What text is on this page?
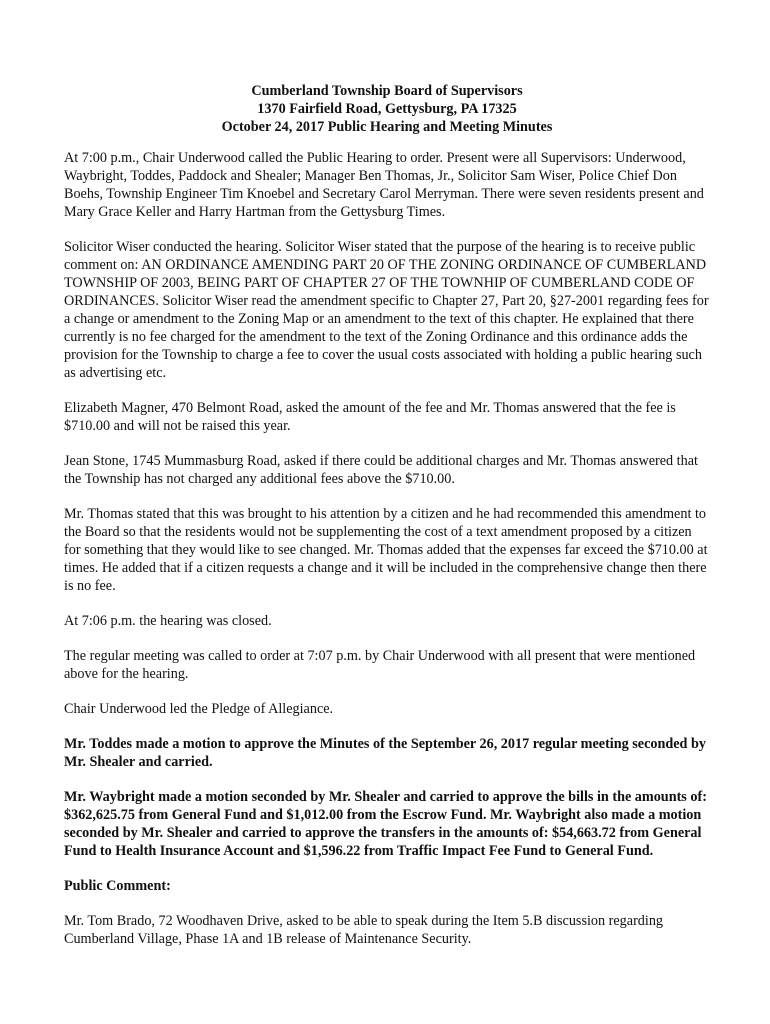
Cumberland Township Board of Supervisors
1370 Fairfield Road, Gettysburg, PA 17325
October 24, 2017 Public Hearing and Meeting Minutes

At 7:00 p.m., Chair Underwood called the Public Hearing to order. Present were all Supervisors: Underwood, Waybright, Toddes, Paddock and Shealer; Manager Ben Thomas, Jr., Solicitor Sam Wiser, Police Chief Don Boehs, Township Engineer Tim Knoebel and Secretary Carol Merryman. There were seven residents present and Mary Grace Keller and Harry Hartman from the Gettysburg Times.

Solicitor Wiser conducted the hearing. Solicitor Wiser stated that the purpose of the hearing is to receive public comment on: AN ORDINANCE AMENDING PART 20 OF THE ZONING ORDINANCE OF CUMBERLAND TOWNSHIP OF 2003, BEING PART OF CHAPTER 27 OF THE TOWNHIP OF CUMBERLAND CODE OF ORDINANCES. Solicitor Wiser read the amendment specific to Chapter 27, Part 20, §27-2001 regarding fees for a change or amendment to the Zoning Map or an amendment to the text of this chapter. He explained that there currently is no fee charged for the amendment to the text of the Zoning Ordinance and this ordinance adds the provision for the Township to charge a fee to cover the usual costs associated with holding a public hearing such as advertising etc.

Elizabeth Magner, 470 Belmont Road, asked the amount of the fee and Mr. Thomas answered that the fee is $710.00 and will not be raised this year.

Jean Stone, 1745 Mummasburg Road, asked if there could be additional charges and Mr. Thomas answered that the Township has not charged any additional fees above the $710.00.

Mr. Thomas stated that this was brought to his attention by a citizen and he had recommended this amendment to the Board so that the residents would not be supplementing the cost of a text amendment proposed by a citizen for something that they would like to see changed. Mr. Thomas added that the expenses far exceed the $710.00 at times. He added that if a citizen requests a change and it will be included in the comprehensive change then there is no fee.

At 7:06 p.m. the hearing was closed.

The regular meeting was called to order at 7:07 p.m. by Chair Underwood with all present that were mentioned above for the hearing.

Chair Underwood led the Pledge of Allegiance.

Mr. Toddes made a motion to approve the Minutes of the September 26, 2017 regular meeting seconded by Mr. Shealer and carried.

Mr. Waybright made a motion seconded by Mr. Shealer and carried to approve the bills in the amounts of: $362,625.75 from General Fund and $1,012.00 from the Escrow Fund. Mr. Waybright also made a motion seconded by Mr. Shealer and carried to approve the transfers in the amounts of: $54,663.72 from General Fund to Health Insurance Account and $1,596.22 from Traffic Impact Fee Fund to General Fund.

Public Comment:

Mr. Tom Brado, 72 Woodhaven Drive, asked to be able to speak during the Item 5.B discussion regarding Cumberland Village, Phase 1A and 1B release of Maintenance Security.
